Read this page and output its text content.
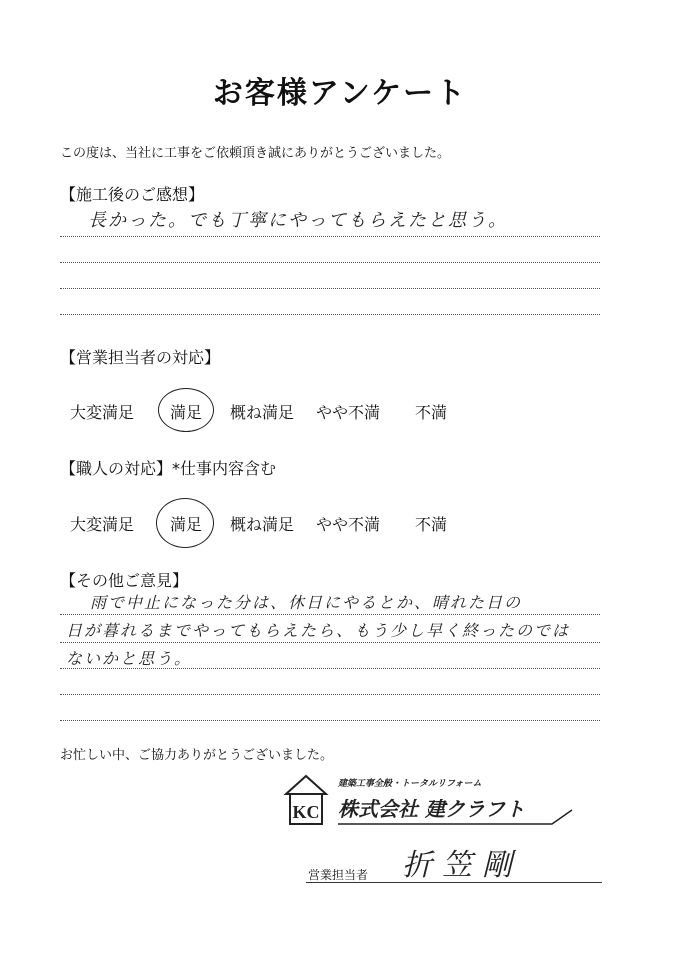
お客様アンケート
この度は、当社に工事をご依頼頂き誠にありがとうございました。
【施工後のご感想】
長かった。でも丁寧にやってもらえたと思う。
【営業担当者の対応】
大変満足 満足 概ね満足 やや不満 不満
【職人の対応】*仕事内容含む
大変満足 満足 概ね満足 やや不満 不満
【その他ご意見】
雨で中止になった分は、休日にやるとか、晴れた日の
日が暮れるまでやってもらえたら、もう少し早く終ったのでは
ないかと思う。
お忙しい中、ご協力ありがとうございました。
KC
建築工事全般・トータルリフォーム
株式会社 建クラフト
営業担当者 折笠剛
